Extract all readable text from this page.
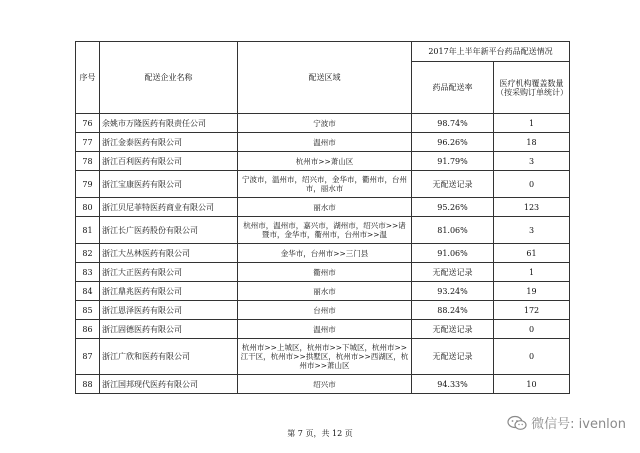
序号	配送企业名称	配送区域	2017年上半年新平台药品配送情况	
			药品配送率	医疗机构覆盖数量（按采购订单统计）
76	余姚市万隆医药有限责任公司	宁波市	98.74%	1
77	浙江金泰医药有限公司	温州市	96.26%	18
78	浙江百利医药有限公司	杭州市>>萧山区	91.79%	3
79	浙江宝康医药有限公司	宁波市，温州市，绍兴市，金华市，衢州市，台州市，丽水市	无配送记录	0
80	浙江贝尼菲特医药商业有限公司	丽水市	95.26%	123
81	浙江长广医药股份有限公司	杭州市，温州市，嘉兴市，湖州市，绍兴市>>诸暨市，金华市，衢州市，台州市>>温	81.06%	3
82	浙江大丛林医药有限公司	金华市，台州市>>三门县	91.06%	61
83	浙江大正医药有限公司	衢州市	无配送记录	1
84	浙江鼎兆医药有限公司	丽水市	93.24%	19
85	浙江恩泽医药有限公司	台州市	88.24%	172
86	浙江固德医药有限公司	温州市	无配送记录	0
87	浙江广欣和医药有限公司	杭州市>>上城区，杭州市>>下城区，杭州市>>江干区，杭州市>>拱墅区，杭州市>>西湖区，杭州市>>萧山区	无配送记录	0
88	浙江国邦现代医药有限公司	绍兴市	94.33%	10
微信号: ivenlon
第 7 页，共 12 页
